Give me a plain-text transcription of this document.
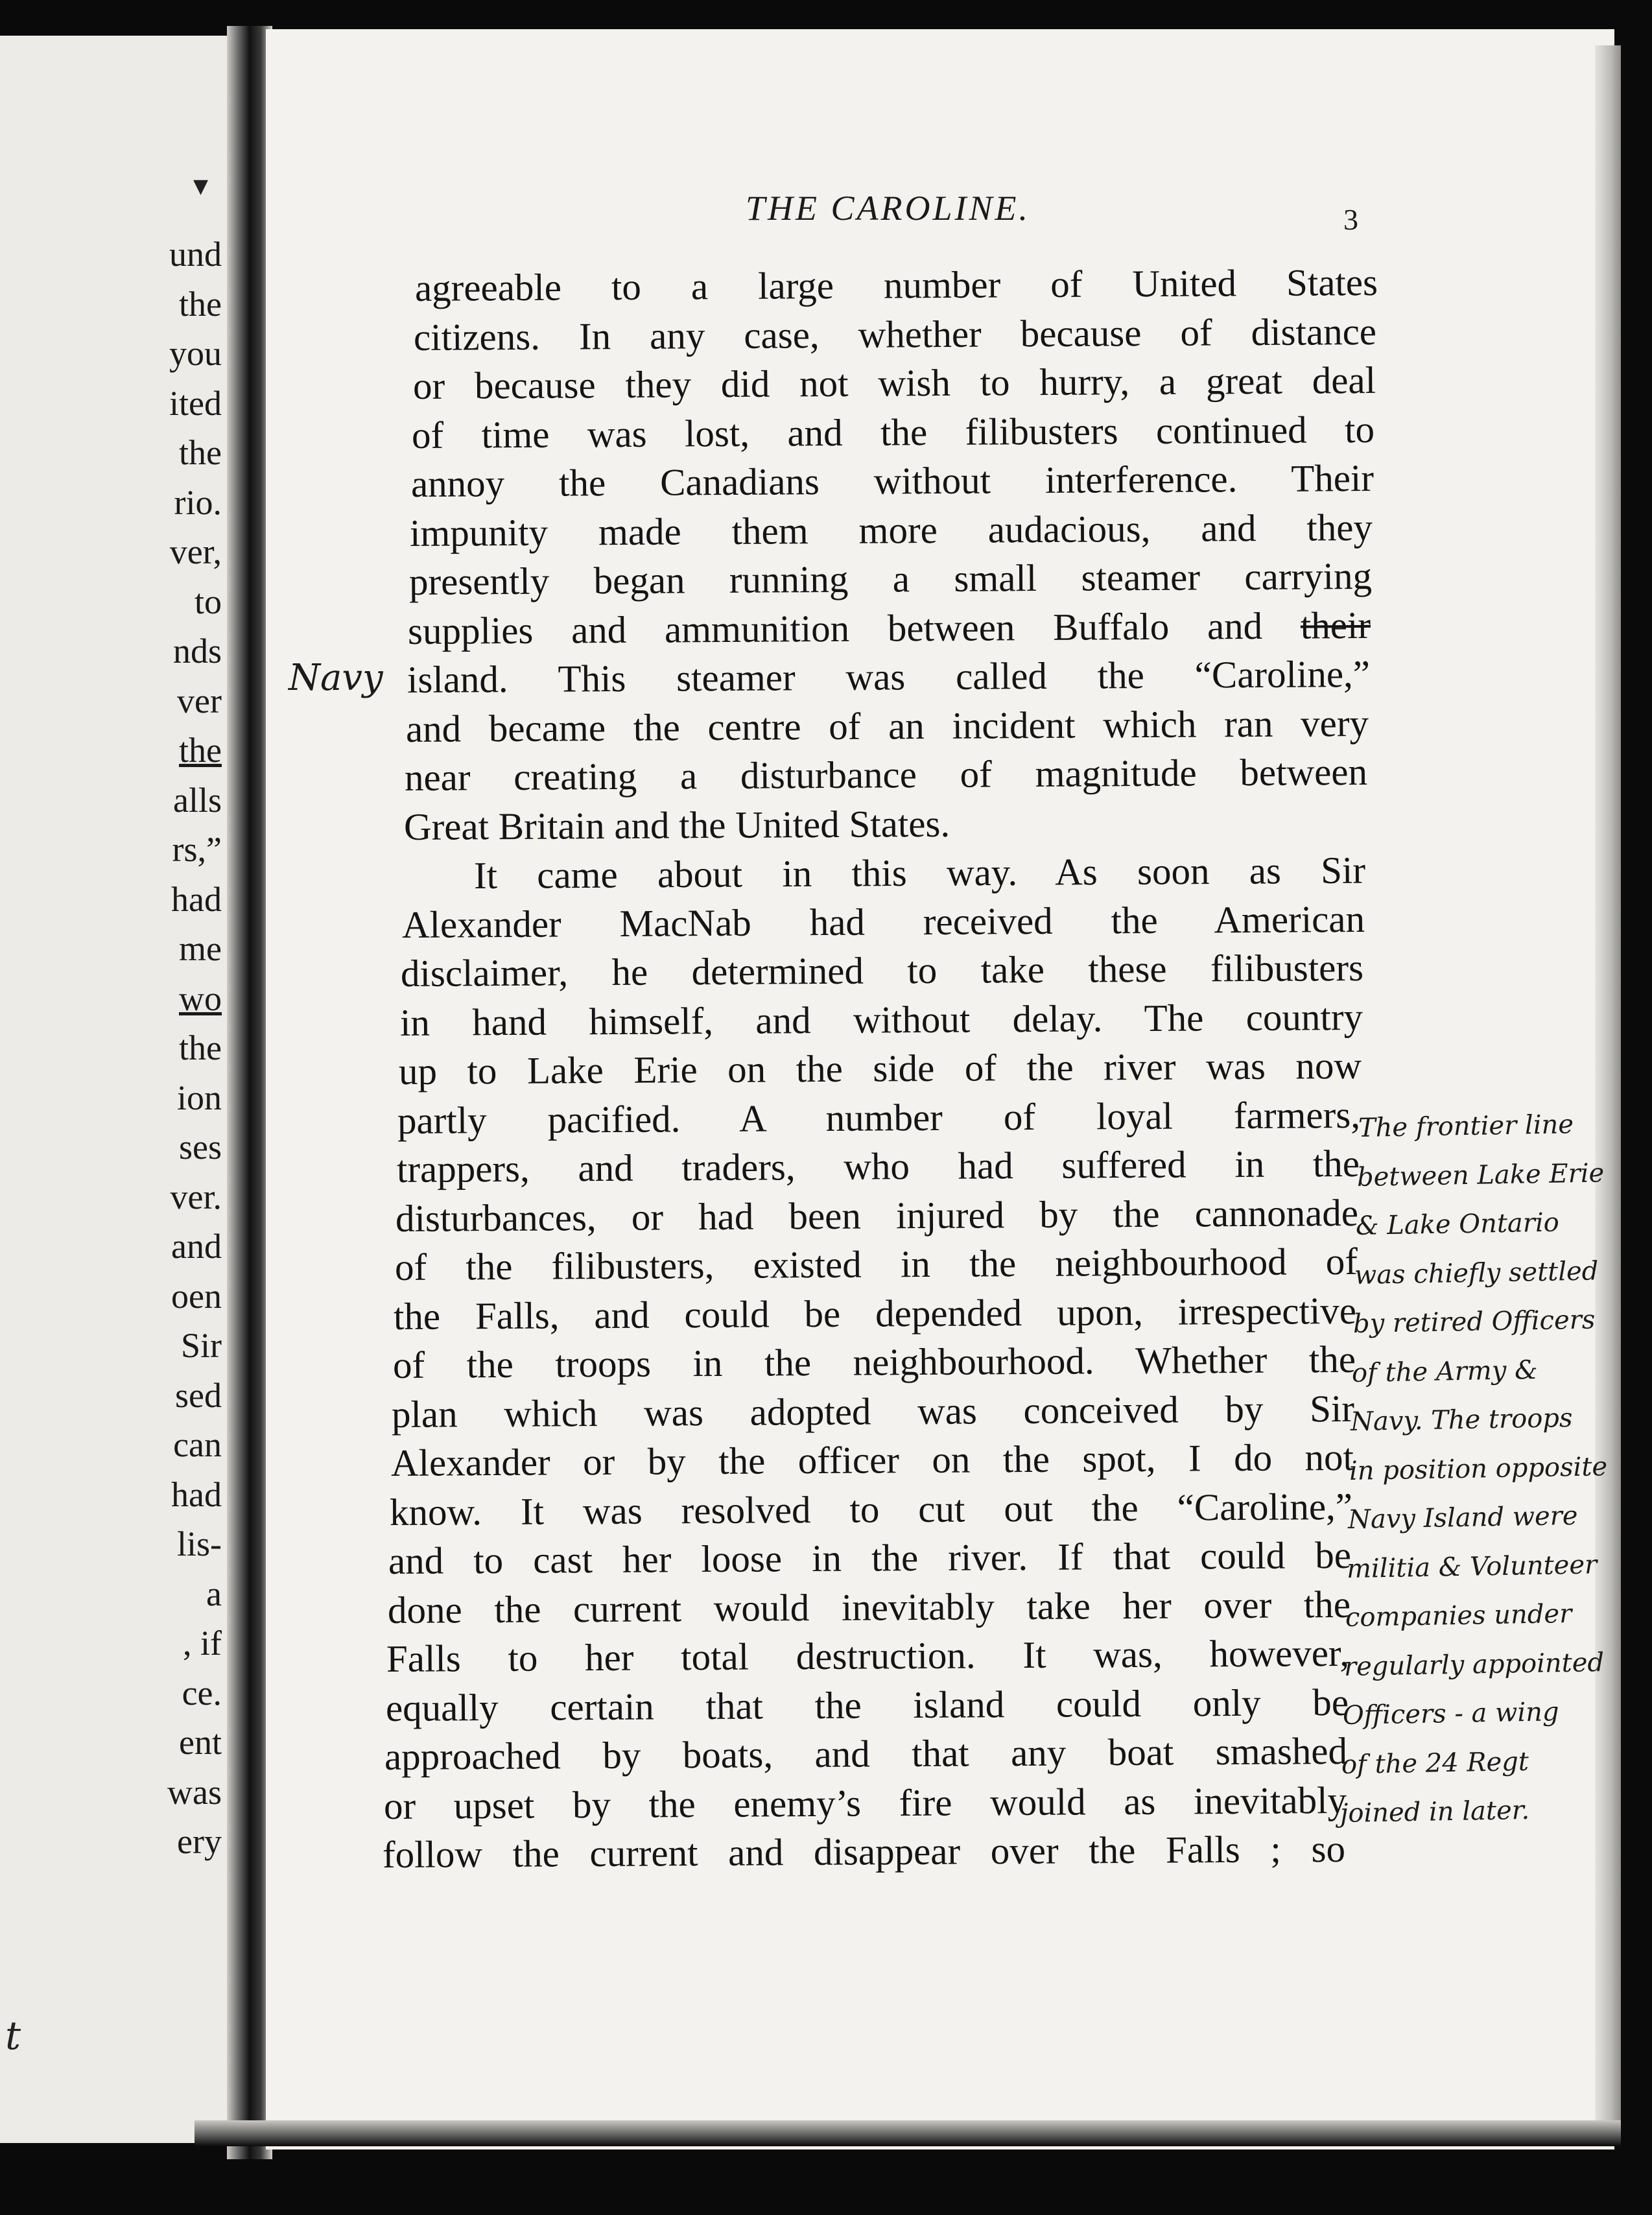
▼
t
und
the
you
ited
the
rio.
ver,
to
nds
ver
the
alls
rs,”
had
me
wo
the
ion
ses
ver.
and
oen
Sir
sed
can
had
lis-
a
, if
ce.
ent
was
ery
THE CAROLINE.	3
Navy
agreeable to a large number of United States
citizens. In any case, whether because of distance
or because they did not wish to hurry, a great deal
of time was lost, and the filibusters continued to
annoy the Canadians without interference. Their
impunity made them more audacious, and they
presently began running a small steamer carrying
supplies and ammunition between Buffalo and their
island. This steamer was called the “Caroline,”
and became the centre of an incident which ran very
near creating a disturbance of magnitude between
Great Britain and the United States.
It came about in this way. As soon as Sir
Alexander MacNab had received the American
disclaimer, he determined to take these filibusters
in hand himself, and without delay. The country
up to Lake Erie on the side of the river was now
partly pacified. A number of loyal farmers,
trappers, and traders, who had suffered in the
disturbances, or had been injured by the cannonade
of the filibusters, existed in the neighbourhood of
the Falls, and could be depended upon, irrespective
of the troops in the neighbourhood. Whether the
plan which was adopted was conceived by Sir
Alexander or by the officer on the spot, I do not
know. It was resolved to cut out the “Caroline,”
and to cast her loose in the river. If that could be
done the current would inevitably take her over the
Falls to her total destruction. It was, however,
equally certain that the island could only be
approached by boats, and that any boat smashed
or upset by the enemy’s fire would as inevitably
follow the current and disappear over the Falls ; so
The frontier line
between Lake Erie
& Lake Ontario
was chiefly settled
by retired Officers
of the Army &
Navy. The troops
in position opposite
Navy Island were
militia & Volunteer
companies under
regularly appointed
Officers - a wing
of the 24 Regt
joined in later.
